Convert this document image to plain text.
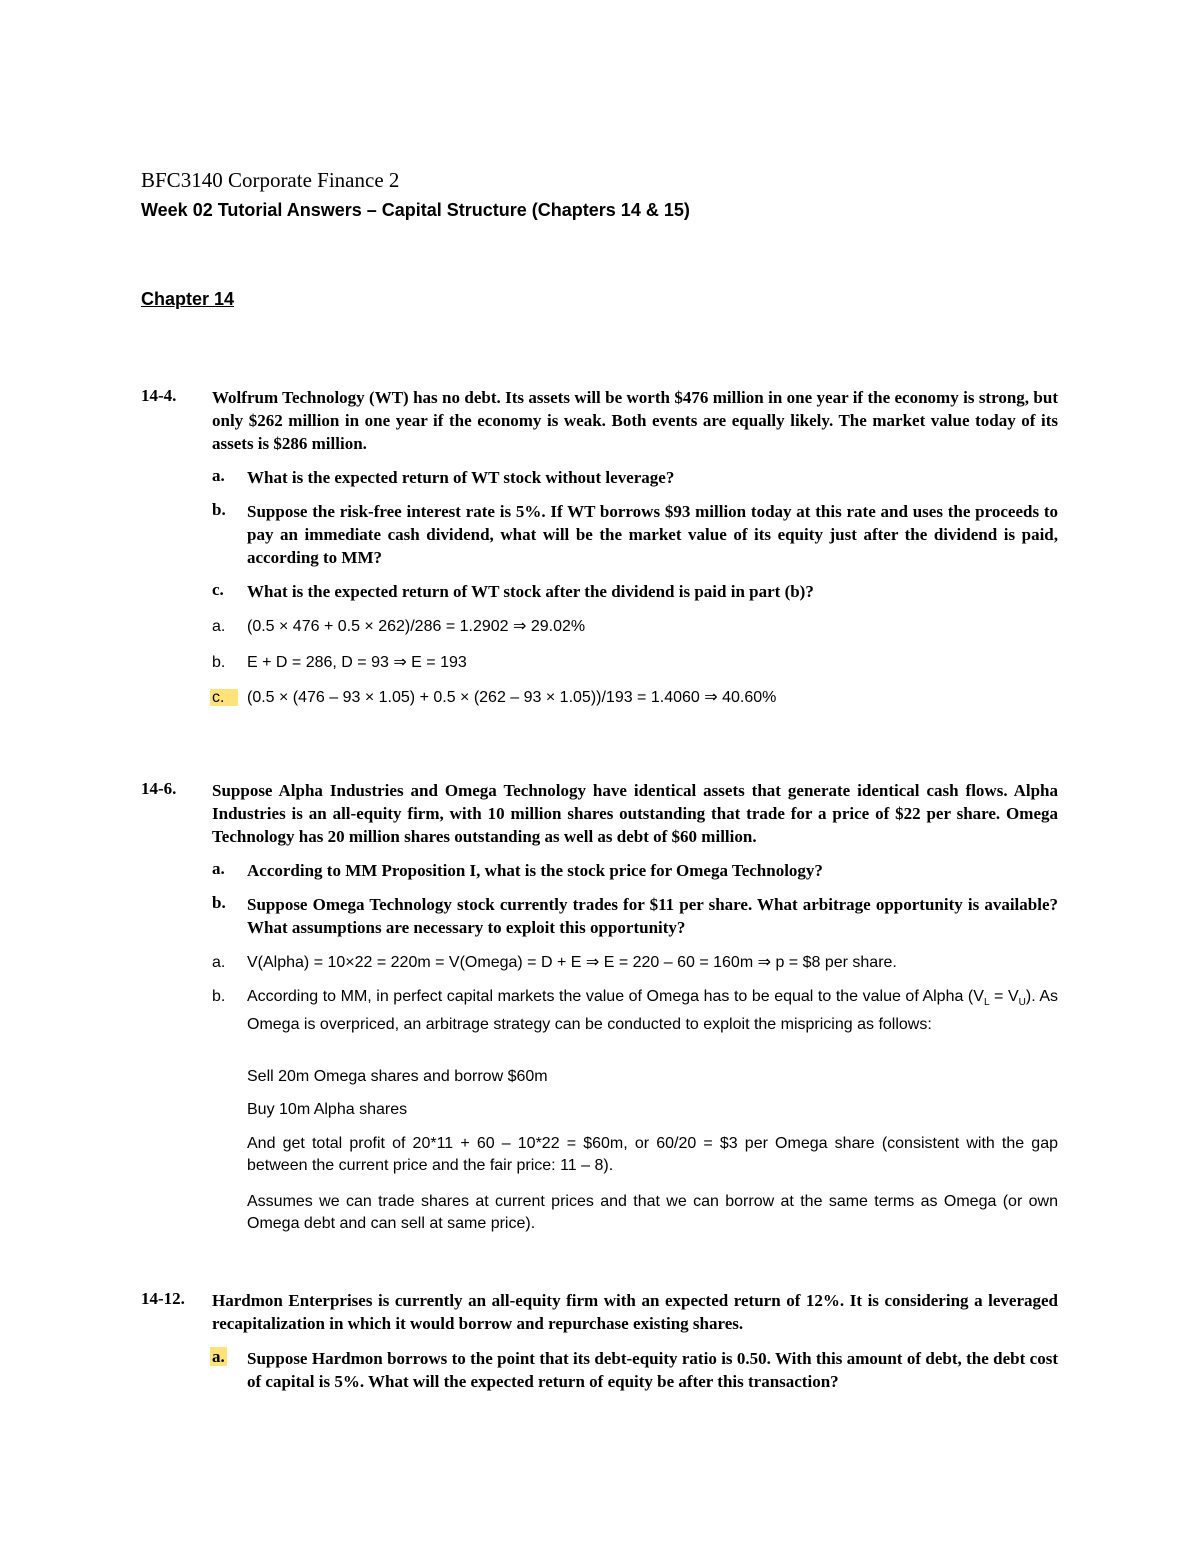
BFC3140 Corporate Finance 2
Week 02 Tutorial Answers – Capital Structure (Chapters 14 & 15)
Chapter 14
14-4. Wolfrum Technology (WT) has no debt. Its assets will be worth $476 million in one year if the economy is strong, but only $262 million in one year if the economy is weak. Both events are equally likely. The market value today of its assets is $286 million.
a. What is the expected return of WT stock without leverage?
b. Suppose the risk-free interest rate is 5%. If WT borrows $93 million today at this rate and uses the proceeds to pay an immediate cash dividend, what will be the market value of its equity just after the dividend is paid, according to MM?
c. What is the expected return of WT stock after the dividend is paid in part (b)?
a. (0.5 × 476 + 0.5 × 262)/286 = 1.2902 ⇒ 29.02%
b. E + D = 286, D = 93 ⇒ E = 193
c.	(0.5 × (476 – 93 × 1.05) + 0.5 × (262 – 93 × 1.05))/193 = 1.4060 ⇒ 40.60%
14-6. Suppose Alpha Industries and Omega Technology have identical assets that generate identical cash flows. Alpha Industries is an all-equity firm, with 10 million shares outstanding that trade for a price of $22 per share. Omega Technology has 20 million shares outstanding as well as debt of $60 million.
a. According to MM Proposition I, what is the stock price for Omega Technology?
b. Suppose Omega Technology stock currently trades for $11 per share. What arbitrage opportunity is available? What assumptions are necessary to exploit this opportunity?
a. V(Alpha) = 10×22 = 220m = V(Omega) = D + E ⇒ E = 220 – 60 = 160m ⇒ p = $8 per share.
b. According to MM, in perfect capital markets the value of Omega has to be equal to the value of Alpha $(V_L = V_U)$. As Omega is overpriced, an arbitrage strategy can be conducted to exploit the mispricing as follows:
Sell 20m Omega shares and borrow $60m
Buy 10m Alpha shares
And get total profit of 20*11 + 60 – 10*22 = $60m, or 60/20 = $3 per Omega share (consistent with the gap between the current price and the fair price: 11 – 8).
Assumes we can trade shares at current prices and that we can borrow at the same terms as Omega (or own Omega debt and can sell at same price).
14-12. Hardmon Enterprises is currently an all-equity firm with an expected return of 12%. It is considering a leveraged recapitalization in which it would borrow and repurchase existing shares.
a. Suppose Hardmon borrows to the point that its debt-equity ratio is 0.50. With this amount of debt, the debt cost of capital is 5%. What will the expected return of equity be after this transaction?
